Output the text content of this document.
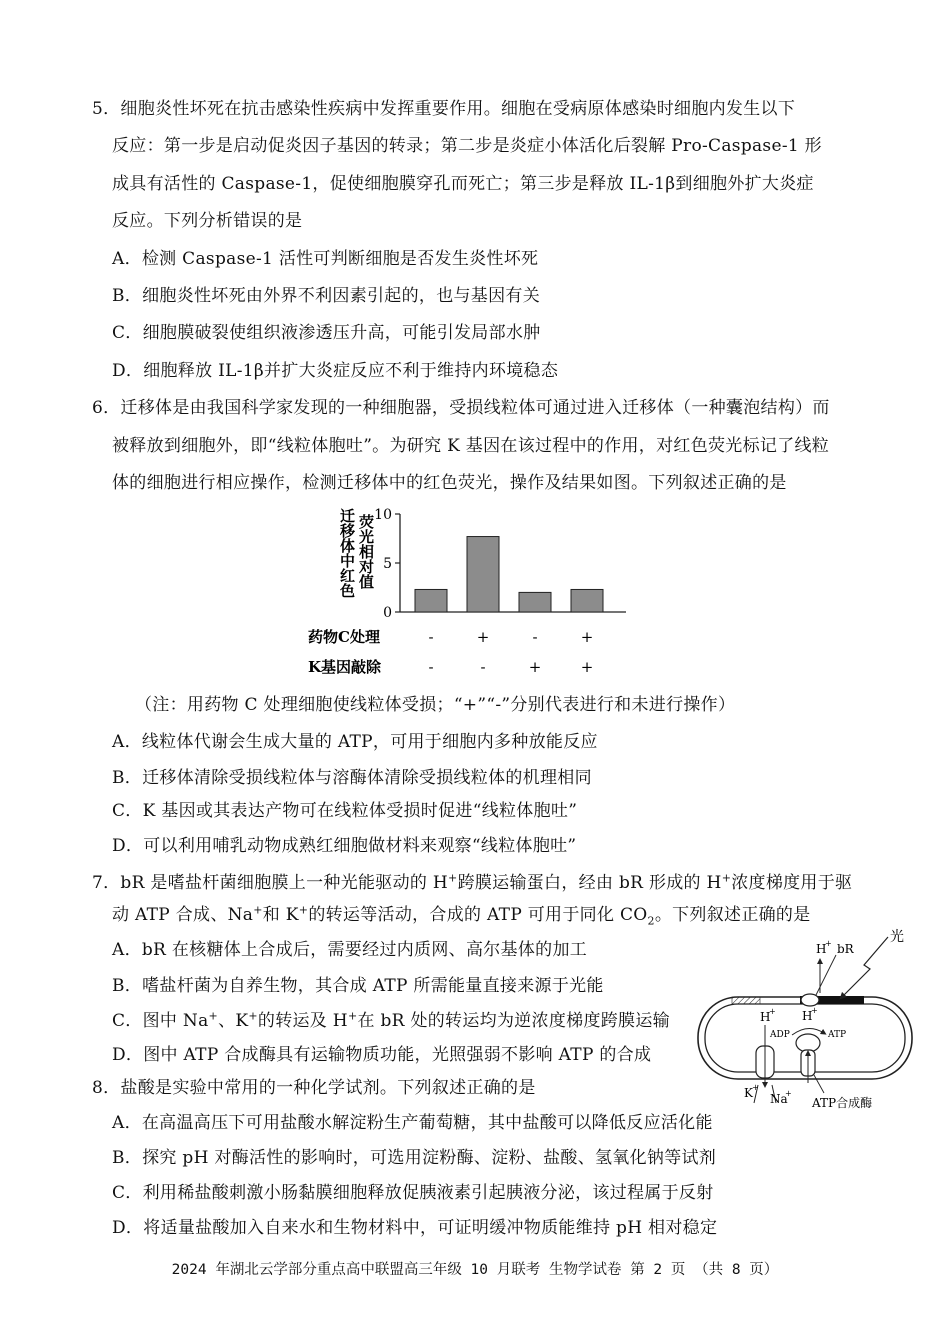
5．细胞炎性坏死在抗击感染性疾病中发挥重要作用。细胞在受病原体感染时细胞内发生以下
反应：第一步是启动促炎因子基因的转录；第二步是炎症小体活化后裂解 Pro-Caspase-1 形
成具有活性的 Caspase-1，促使细胞膜穿孔而死亡；第三步是释放 IL-1β到细胞外扩大炎症
反应。下列分析错误的是
A．检测 Caspase-1 活性可判断细胞是否发生炎性坏死
B．细胞炎性坏死由外界不利因素引起的，也与基因有关
C．细胞膜破裂使组织液渗透压升高，可能引发局部水肿
D．细胞释放 IL-1β并扩大炎症反应不利于维持内环境稳态
6．迁移体是由我国科学家发现的一种细胞器，受损线粒体可通过进入迁移体（一种囊泡结构）而
被释放到细胞外，即“线粒体胞吐”。为研究 K 基因在该过程中的作用，对红色荧光标记了线粒
体的细胞进行相应操作，检测迁移体中的红色荧光，操作及结果如图。下列叙述正确的是
迁移体中红色 荧光相对值
0
5
10
药物C处理
K基因敲除
-
-
+
-
-
+
+
+
（注：用药物 C 处理细胞使线粒体受损；“+”“-”分别代表进行和未进行操作）
A．线粒体代谢会生成大量的 ATP，可用于细胞内多种放能反应
B．迁移体清除受损线粒体与溶酶体清除受损线粒体的机理相同
C．K 基因或其表达产物可在线粒体受损时促进“线粒体胞吐”
D．可以利用哺乳动物成熟红细胞做材料来观察“线粒体胞吐”
7．bR 是嗜盐杆菌细胞膜上一种光能驱动的 H+跨膜运输蛋白，经由 bR 形成的 H+浓度梯度用于驱
动 ATP 合成、Na+和 K+的转运等活动，合成的 ATP 可用于同化 $CO_2$。下列叙述正确的是
A．bR 在核糖体上合成后，需要经过内质网、高尔基体的加工
B．嗜盐杆菌为自养生物，其合成 ATP 所需能量直接来源于光能
C．图中 Na+、K+的转运及 H+在 bR 处的转运均为逆浓度梯度跨膜运输
D．图中 ATP 合成酶具有运输物质功能，光照强弱不影响 ATP 的合成
光
bR
H
+
H
+
H
+
K +
Na
+
ADP	ATP
ATP合成酶
8．盐酸是实验中常用的一种化学试剂。下列叙述正确的是
A．在高温高压下可用盐酸水解淀粉生产葡萄糖，其中盐酸可以降低反应活化能
B．探究 pH 对酶活性的影响时，可选用淀粉酶、淀粉、盐酸、氢氧化钠等试剂
C．利用稀盐酸刺激小肠黏膜细胞释放促胰液素引起胰液分泌，该过程属于反射
D．将适量盐酸加入自来水和生物材料中，可证明缓冲物质能维持 pH 相对稳定
2024 年湖北云学部分重点高中联盟高三年级 10 月联考 生物学试卷 第 2 页 （共 8 页）
